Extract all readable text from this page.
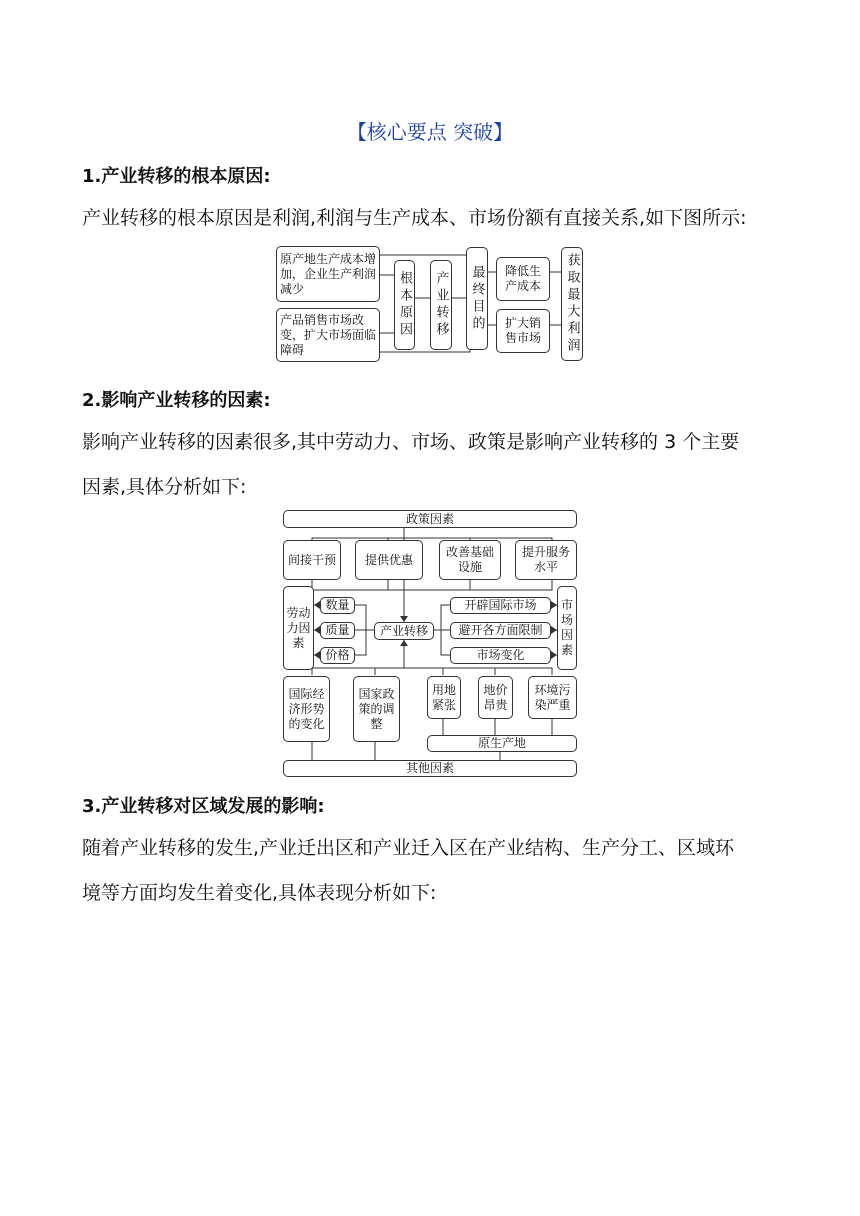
【核心要点 突破】
1.产业转移的根本原因:
产业转移的根本原因是利润,利润与生产成本、市场份额有直接关系,如下图所示:
原产地生产成本增加，企业生产利润减少
产品销售市场改变，扩大市场面临障碍
根本原因 产业转移 最终目的	降低生产成本
扩大销售市场	获取最大利润
2.影响产业转移的因素:
影响产业转移的因素很多,其中劳动力、市场、政策是影响产业转移的 3 个主要
因素,具体分析如下:
政策因素
间接干预	提供优惠
改善基础设施
提升服务水平
劳动力因素
数量
质量
价格
产业转移
开辟国际市场
避开各方面限制
市场变化
市场因素
国际经济形势的变化
国家政策的调整
用地紧张
地价昂贵
环境污染严重
原生产地
其他因素
3.产业转移对区域发展的影响:
随着产业转移的发生,产业迁出区和产业迁入区在产业结构、生产分工、区域环
境等方面均发生着变化,具体表现分析如下:
